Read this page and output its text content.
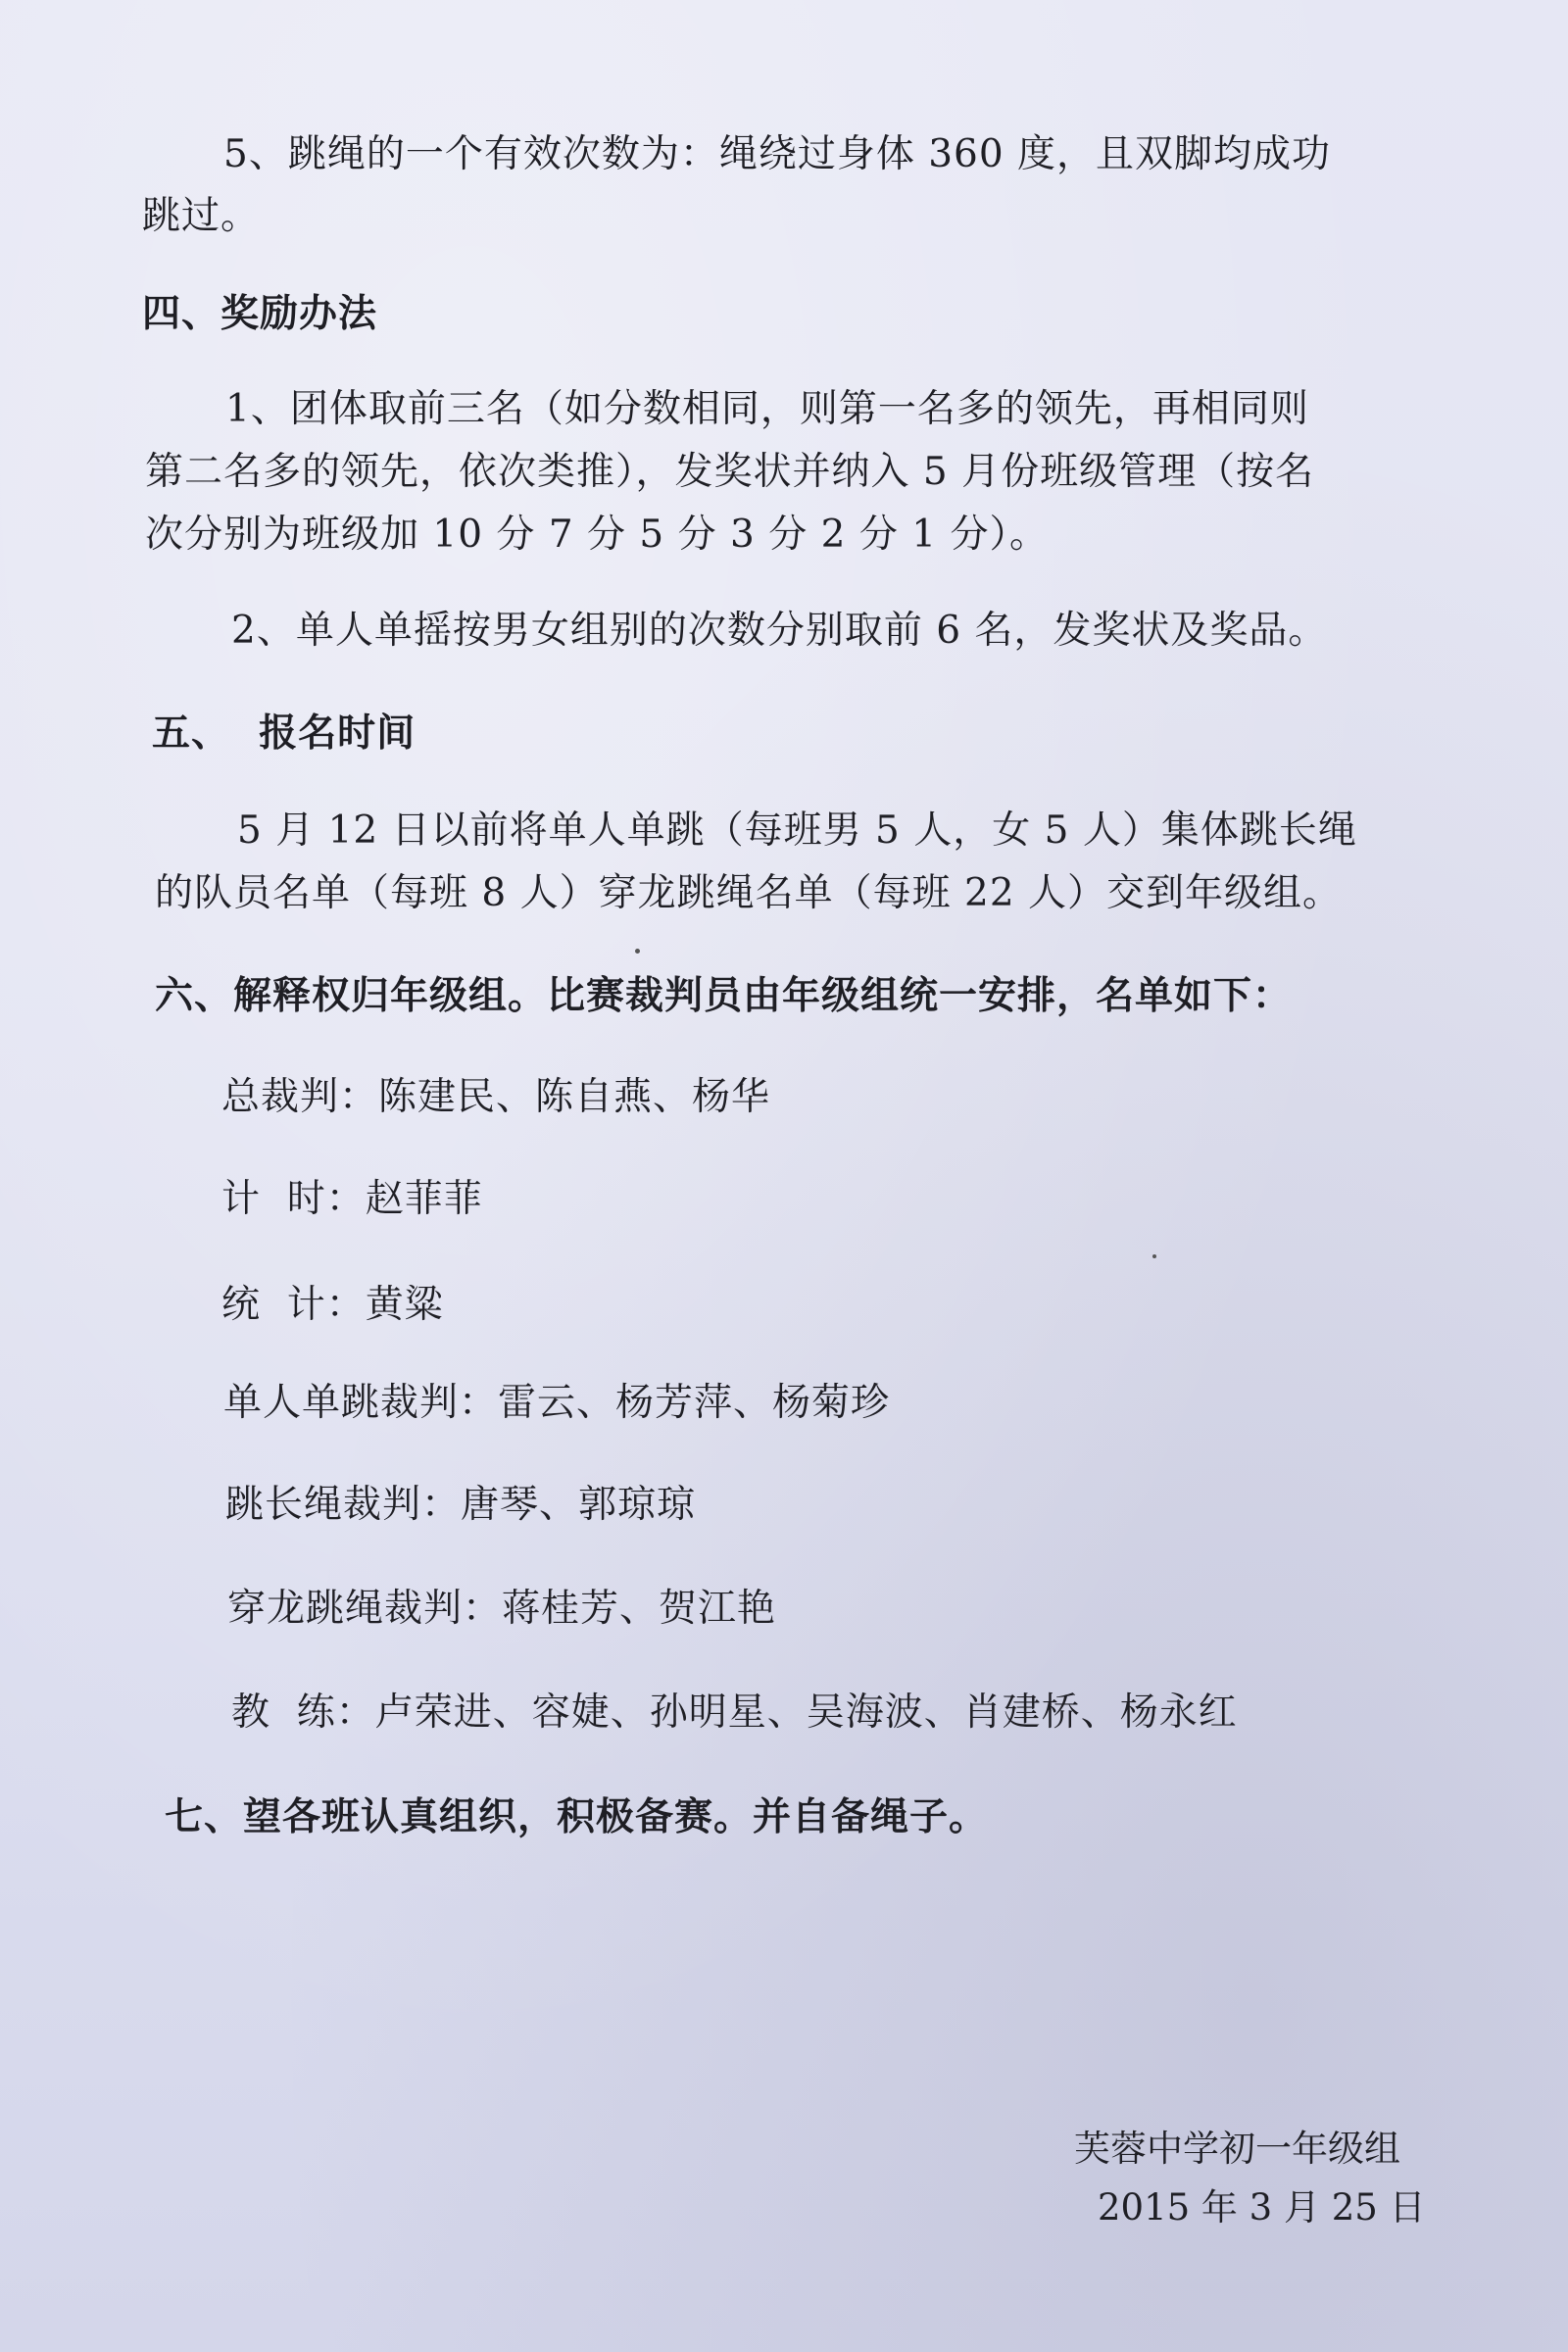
5、跳绳的一个有效次数为：绳绕过身体 360 度，且双脚均成功
跳过。
四、奖励办法
1、团体取前三名（如分数相同，则第一名多的领先，再相同则
第二名多的领先，依次类推），发奖状并纳入 5 月份班级管理（按名
次分别为班级加 10 分 7 分 5 分 3 分 2 分 1 分）。
2、单人单摇按男女组别的次数分别取前 6 名，发奖状及奖品。
五、  报名时间
5 月 12 日以前将单人单跳（每班男 5 人，女 5 人）集体跳长绳
的队员名单（每班 8 人）穿龙跳绳名单（每班 22 人）交到年级组。
六、解释权归年级组。比赛裁判员由年级组统一安排，名单如下：
总裁判：陈建民、陈自燕、杨华
计  时：赵菲菲
统  计：黄粱
单人单跳裁判：雷云、杨芳萍、杨菊珍
跳长绳裁判：唐琴、郭琼琼
穿龙跳绳裁判：蒋桂芳、贺江艳
教  练：卢荣进、容婕、孙明星、吴海波、肖建桥、杨永红
七、望各班认真组织，积极备赛。并自备绳子。
芙蓉中学初一年级组
2015 年 3 月 25 日
